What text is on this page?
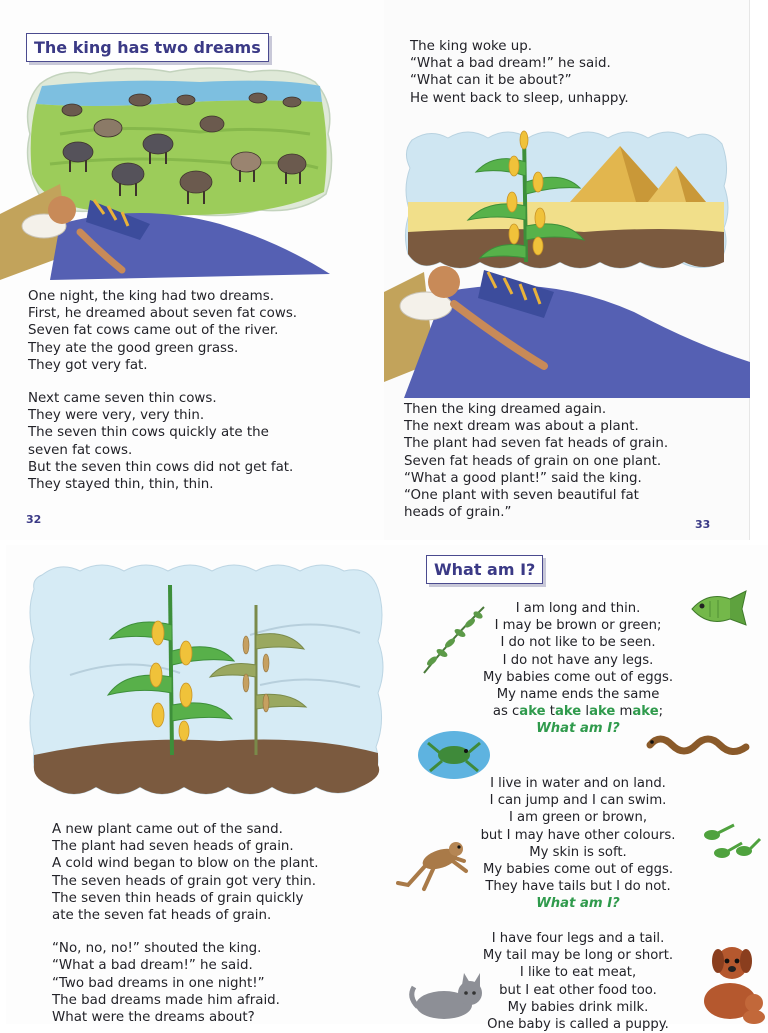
The king has two dreams

One night, the king had two dreams.

First, he dreamed about seven fat cows.

Seven fat cows came out of the river.

They ate the good green grass.

They got very fat.

Next came seven thin cows.

They were very, very thin.

The seven thin cows quickly ate the

seven fat cows.

But the seven thin cows did not get fat.

They stayed thin, thin, thin.

32

The king woke up.

“What a bad dream!” he said.

“What can it be about?”

He went back to sleep, unhappy.

Then the king dreamed again.

The next dream was about a plant.

The plant had seven fat heads of grain.

Seven fat heads of grain on one plant.

“What a good plant!” said the king.

“One plant with seven beautiful fat

heads of grain.”

33

A new plant came out of the sand.

The plant had seven heads of grain.

A cold wind began to blow on the plant.

The seven heads of grain got very thin.

The seven thin heads of grain quickly

ate the seven fat heads of grain.

“No, no, no!” shouted the king.

“What a bad dream!” he said.

“Two bad dreams in one night!”

The bad dreams made him afraid.

What were the dreams about?

What am I?

I am long and thin.

I may be brown or green;

I do not like to be seen.

I do not have any legs.

My babies come out of eggs.

My name ends the same

as cake take lake make;

What am I?

I live in water and on land.

I can jump and I can swim.

I am green or brown,

but I may have other colours.

My skin is soft.

My babies come out of eggs.

They have tails but I do not.

What am I?

I have four legs and a tail.

My tail may be long or short.

I like to eat meat,

but I eat other food too.

My babies drink milk.

One baby is called a puppy.
